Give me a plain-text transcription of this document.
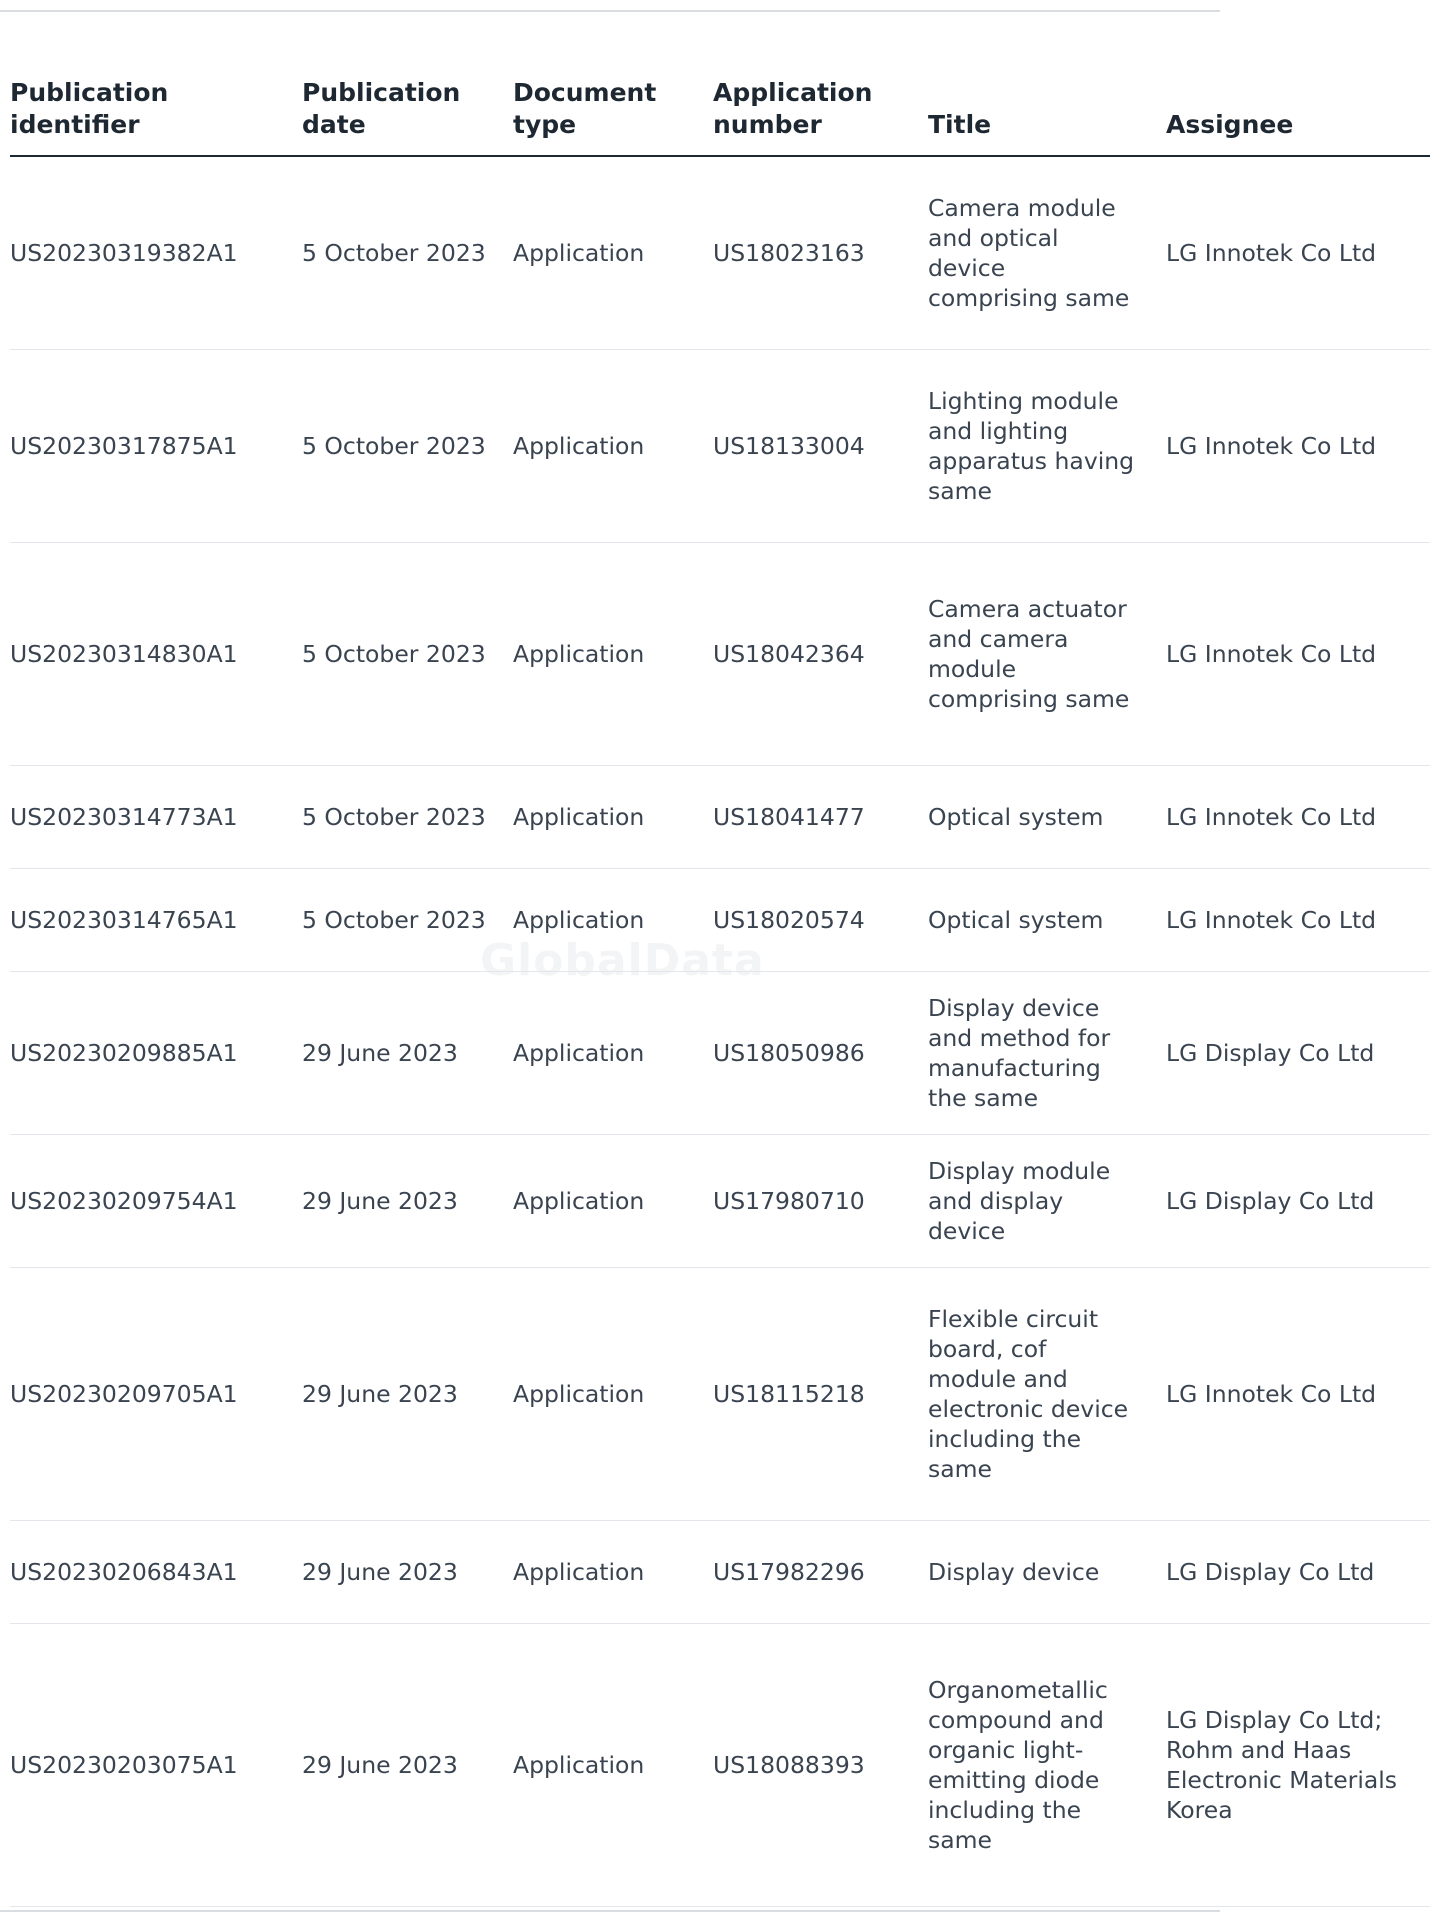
GlobalData
Publication identifier	Publication date	Document type	Application number	Title	Assignee
US20230319382A1	5 October 2023	Application	US18023163	Camera module and optical device comprising same	LG Innotek Co Ltd
US20230317875A1	5 October 2023	Application	US18133004	Lighting module and lighting apparatus having same	LG Innotek Co Ltd
US20230314830A1	5 October 2023	Application	US18042364	Camera actuator and camera module comprising same	LG Innotek Co Ltd
US20230314773A1	5 October 2023	Application	US18041477	Optical system	LG Innotek Co Ltd
US20230314765A1	5 October 2023	Application	US18020574	Optical system	LG Innotek Co Ltd
US20230209885A1	29 June 2023	Application	US18050986	Display device and method for manufacturing the same	LG Display Co Ltd
US20230209754A1	29 June 2023	Application	US17980710	Display module and display device	LG Display Co Ltd
US20230209705A1	29 June 2023	Application	US18115218	Flexible circuit board, cof module and electronic device including the same	LG Innotek Co Ltd
US20230206843A1	29 June 2023	Application	US17982296	Display device	LG Display Co Ltd
US20230203075A1	29 June 2023	Application	US18088393	Organometallic compound and organic light-emitting diode including the same	LG Display Co Ltd; Rohm and Haas Electronic Materials Korea
